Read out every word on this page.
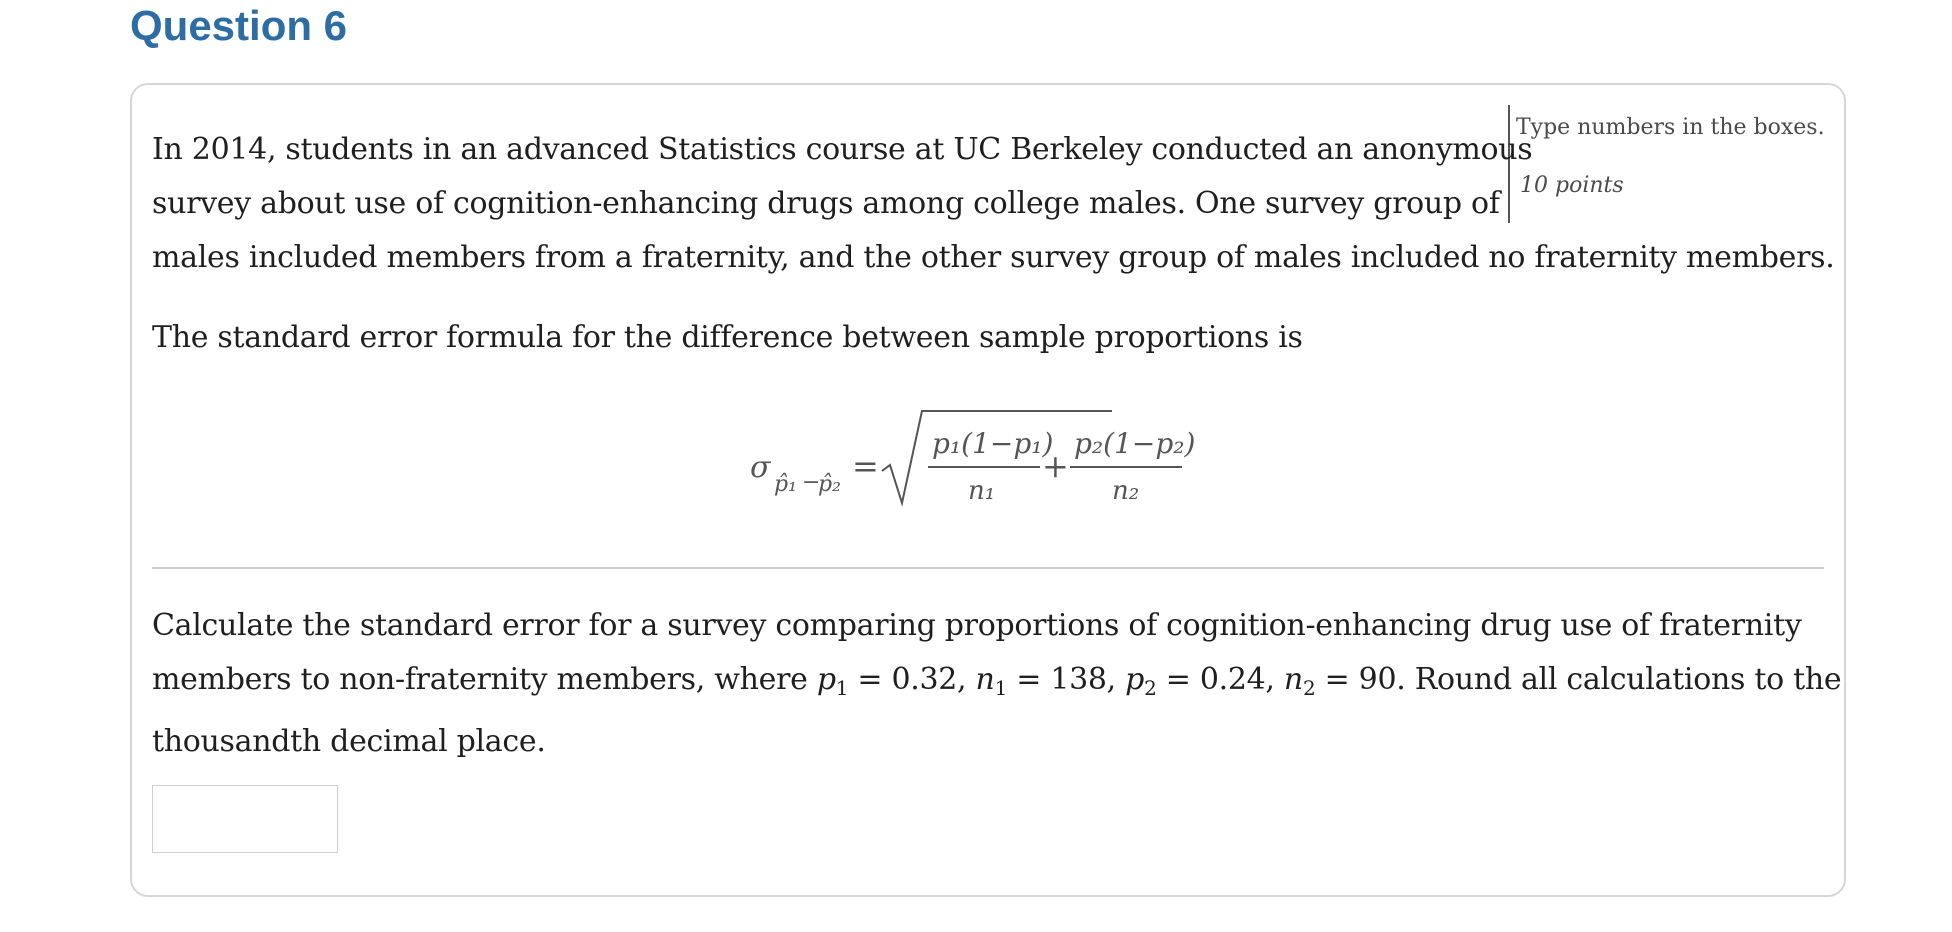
Question 6
Type numbers in the boxes.
10 points

In 2014, students in an advanced Statistics course at UC Berkeley conducted an anonymous
survey about use of cognition-enhancing drugs among college males. One survey group of
males included members from a fraternity, and the other survey group of males included no fraternity members.

The standard error formula for the difference between sample proportions is

σ p̂₁ −
p̂₂ =
p₁(1−p₁)
n₁
+
p₂(1−p₂)
n₂

Calculate the standard error for a survey comparing proportions of cognition-enhancing drug use of fraternity
members to non-fraternity members, where $p_1 = 0.32$, $n_1 = 138$, $p_2 = 0.24$, $n_2 = 90$. Round all calculations to the
thousandth decimal place.
